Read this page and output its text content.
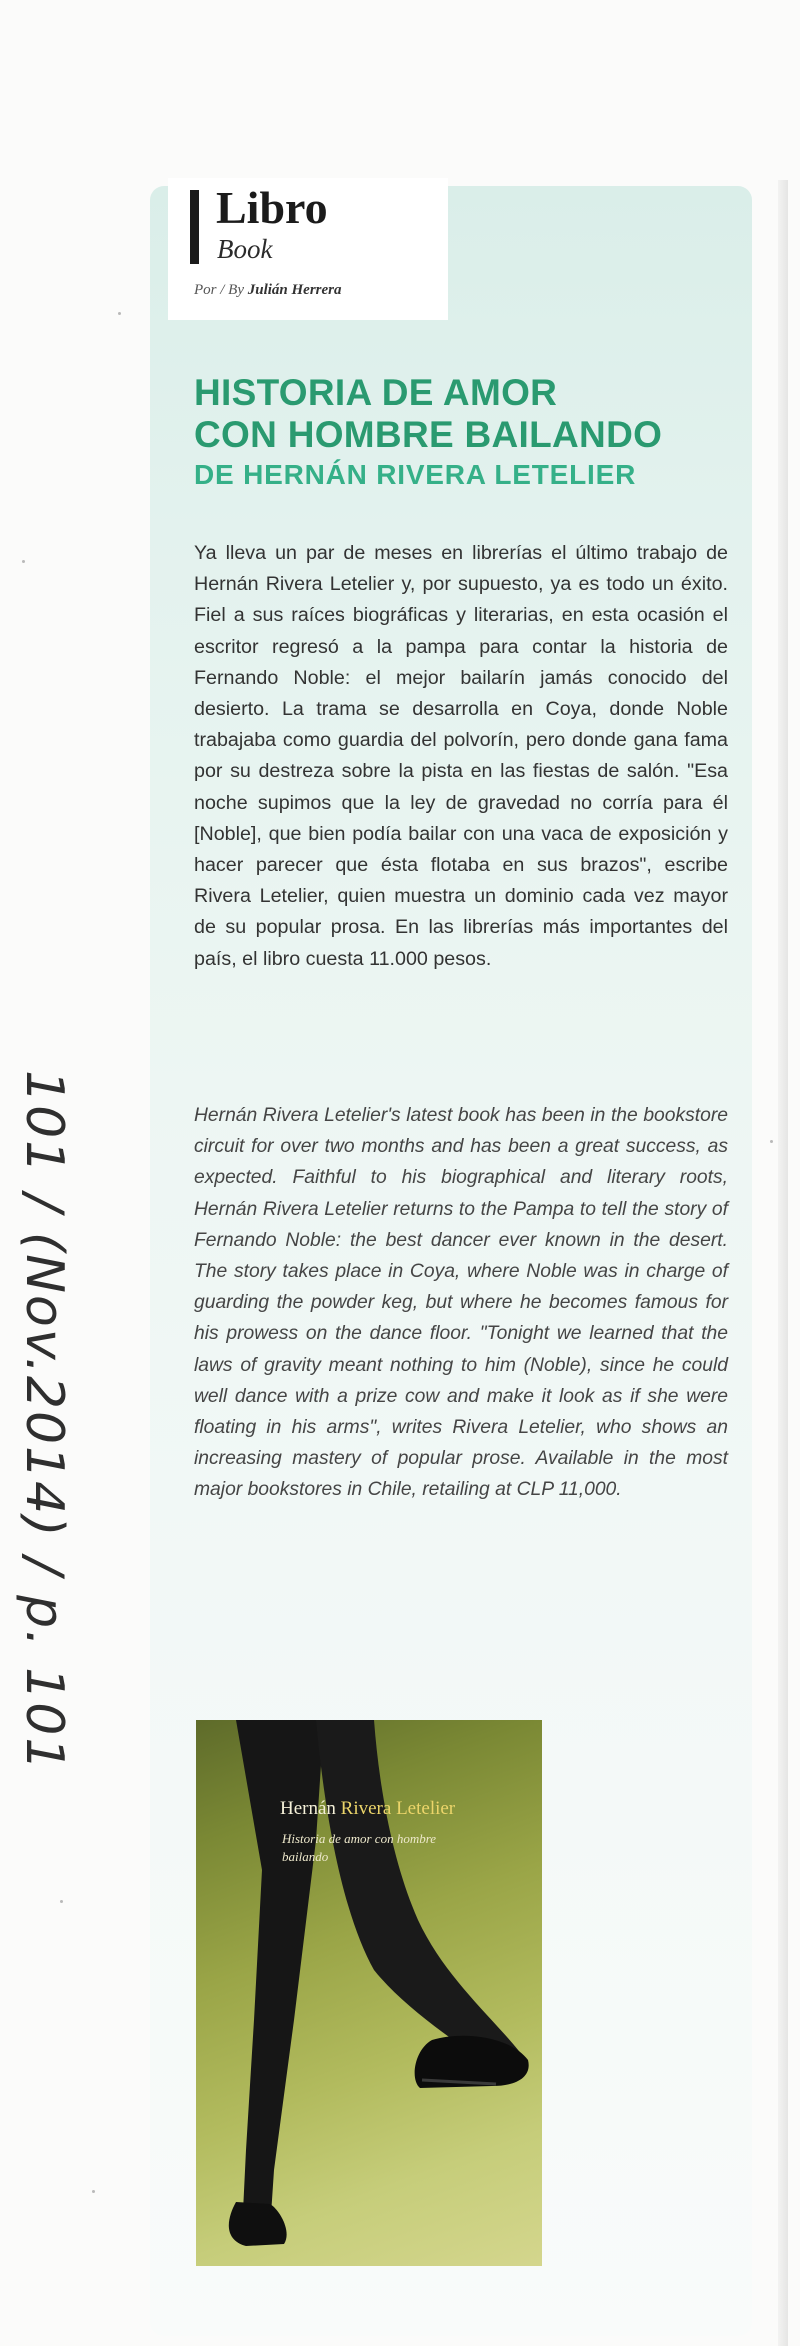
Libro
Book
Por / By Julián Herrera
HISTORIA DE AMOR
CON HOMBRE BAILANDO
DE HERNÁN RIVERA LETELIER

Ya lleva un par de meses en librerías el último trabajo de Hernán Rivera Letelier y, por supuesto, ya es todo un éxito. Fiel a sus raíces biográficas y literarias, en esta ocasión el escritor regresó a la pampa para contar la historia de Fernando Noble: el mejor bailarín jamás conocido del desierto. La trama se desarrolla en Coya, donde Noble trabajaba como guardia del polvorín, pero donde gana fama por su destreza sobre la pista en las fiestas de salón. "Esa noche supimos que la ley de gravedad no corría para él [Noble], que bien podía bailar con una vaca de exposición y hacer parecer que ésta flotaba en sus brazos", escribe Rivera Letelier, quien muestra un dominio cada vez mayor de su popular prosa. En las librerías más importantes del país, el libro cuesta 11.000 pesos.

Hernán Rivera Letelier's latest book has been in the bookstore circuit for over two months and has been a great success, as expected. Faithful to his biographical and literary roots, Hernán Rivera Letelier returns to the Pampa to tell the story of Fernando Noble: the best dancer ever known in the desert. The story takes place in Coya, where Noble was in charge of guarding the powder keg, but where he becomes famous for his prowess on the dance floor. "Tonight we learned that the laws of gravity meant nothing to him (Noble), since he could well dance with a prize cow and make it look as if she were floating in his arms", writes Rivera Letelier, who shows an increasing mastery of popular prose. Available in the most major bookstores in Chile, retailing at CLP 11,000.

Hernán Rivera Letelier
Historia de amor con hombre bailando
101 / (Nov.2014) / p. 101
